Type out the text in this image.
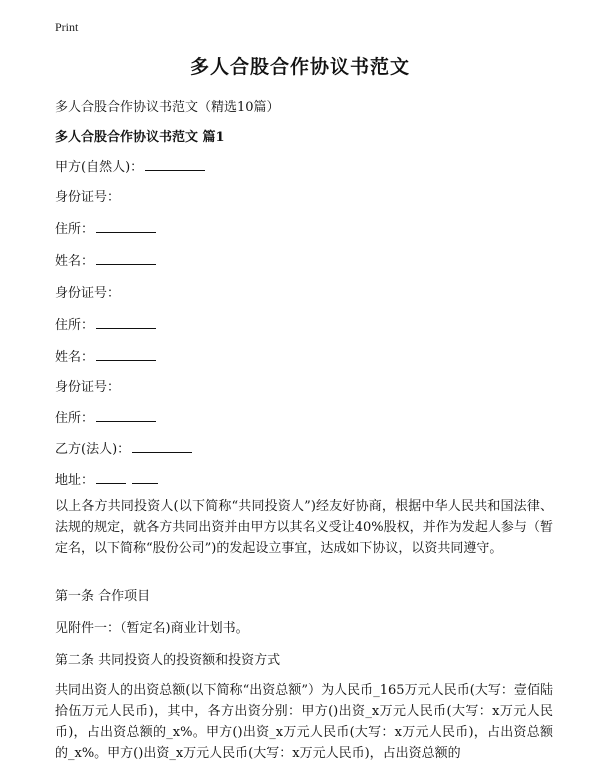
Print
多人合股合作协议书范文
多人合股合作协议书范文（精选10篇）
多人合股合作协议书范文 篇1
甲方(自然人)：
身份证号：
住所：
姓名：
身份证号：
住所：
姓名：
身份证号：
住所：
乙方(法人)：
地址：
以上各方共同投资人(以下简称“共同投资人”)经友好协商，根据中华人民共和国法律、法规的规定，就各方共同出资并由甲方以其名义受让40%股权，并作为发起人参与（暂定名，以下简称“股份公司”)的发起设立事宜，达成如下协议，以资共同遵守。
第一条 合作项目
见附件一：（暂定名)商业计划书。
第二条 共同投资人的投资额和投资方式
共同出资人的出资总额(以下简称“出资总额”）为人民币_165万元人民币(大写：壹佰陆拾伍万元人民币)，其中，各方出资分别：甲方()出资_x万元人民币(大写：x万元人民币)，占出资总额的_x%。甲方()出资_x万元人民币(大写：x万元人民币)，占出资总额的_x%。甲方()出资_x万元人民币(大写：x万元人民币)，占出资总额的
